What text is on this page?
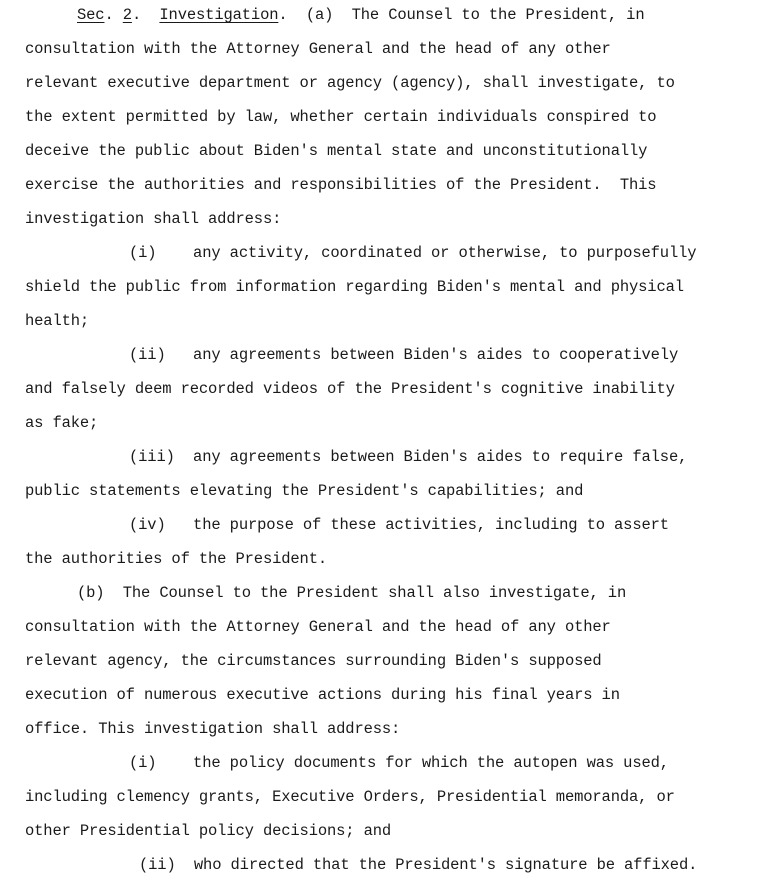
Sec. 2.  Investigation.  (a)  The Counsel to the President, in
consultation with the Attorney General and the head of any other
relevant executive department or agency (agency), shall investigate, to
the extent permitted by law, whether certain individuals conspired to
deceive the public about Biden's mental state and unconstitutionally
exercise the authorities and responsibilities of the President.  This
investigation shall address:
(i)    any activity, coordinated or otherwise, to purposefully
shield the public from information regarding Biden's mental and physical
health;
(ii)   any agreements between Biden's aides to cooperatively
and falsely deem recorded videos of the President's cognitive inability
as fake;
(iii)  any agreements between Biden's aides to require false,
public statements elevating the President's capabilities; and
(iv)   the purpose of these activities, including to assert
the authorities of the President.
(b)  The Counsel to the President shall also investigate, in
consultation with the Attorney General and the head of any other
relevant agency, the circumstances surrounding Biden's supposed
execution of numerous executive actions during his final years in
office. This investigation shall address:
(i)    the policy documents for which the autopen was used,
including clemency grants, Executive Orders, Presidential memoranda, or
other Presidential policy decisions; and
(ii)  who directed that the President's signature be affixed.
